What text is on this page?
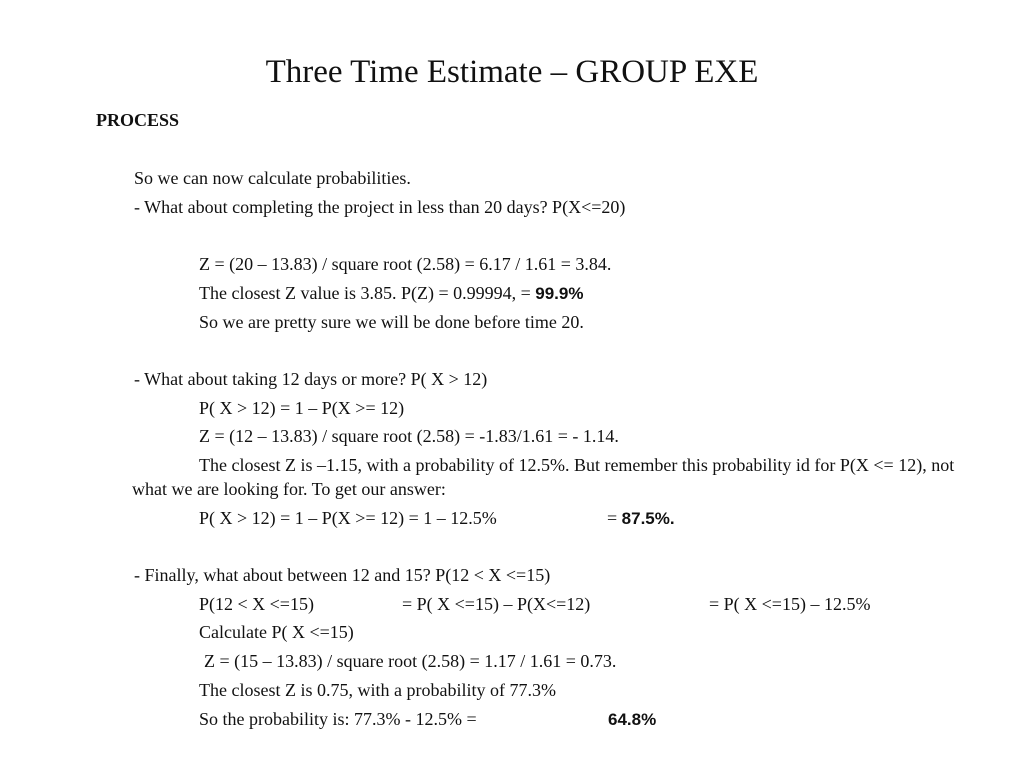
Three Time Estimate – GROUP EXE
PROCESS
So we can now calculate probabilities.
- What about completing the project in less than 20 days? P(X<=20)
Z = (20 – 13.83) / square root (2.58) = 6.17 / 1.61 = 3.84.
The closest Z value is 3.85. P(Z) = 0.99994, = 99.9%
So we are pretty sure we will be done before time 20.
- What about taking 12 days or more? P( X > 12)
P( X > 12) = 1 – P(X >= 12)
Z = (12 – 13.83) / square root (2.58) = -1.83/1.61 = - 1.14.
The closest Z is –1.15, with a probability of 12.5%. But remember this probability id for P(X <= 12), not what we are looking for. To get our answer:
P( X > 12) = 1 – P(X >= 12) = 1 – 12.5%	= 87.5%.
- Finally, what about between 12 and 15? P(12 < X <=15)
P(12 < X <=15)	= P( X <=15) – P(X<=12)	= P( X <=15) – 12.5%
Calculate P( X <=15)
Z = (15 – 13.83) / square root (2.58) = 1.17 / 1.61 = 0.73.
The closest Z is 0.75, with a probability of 77.3%
So the probability is: 77.3% - 12.5% =	64.8%
